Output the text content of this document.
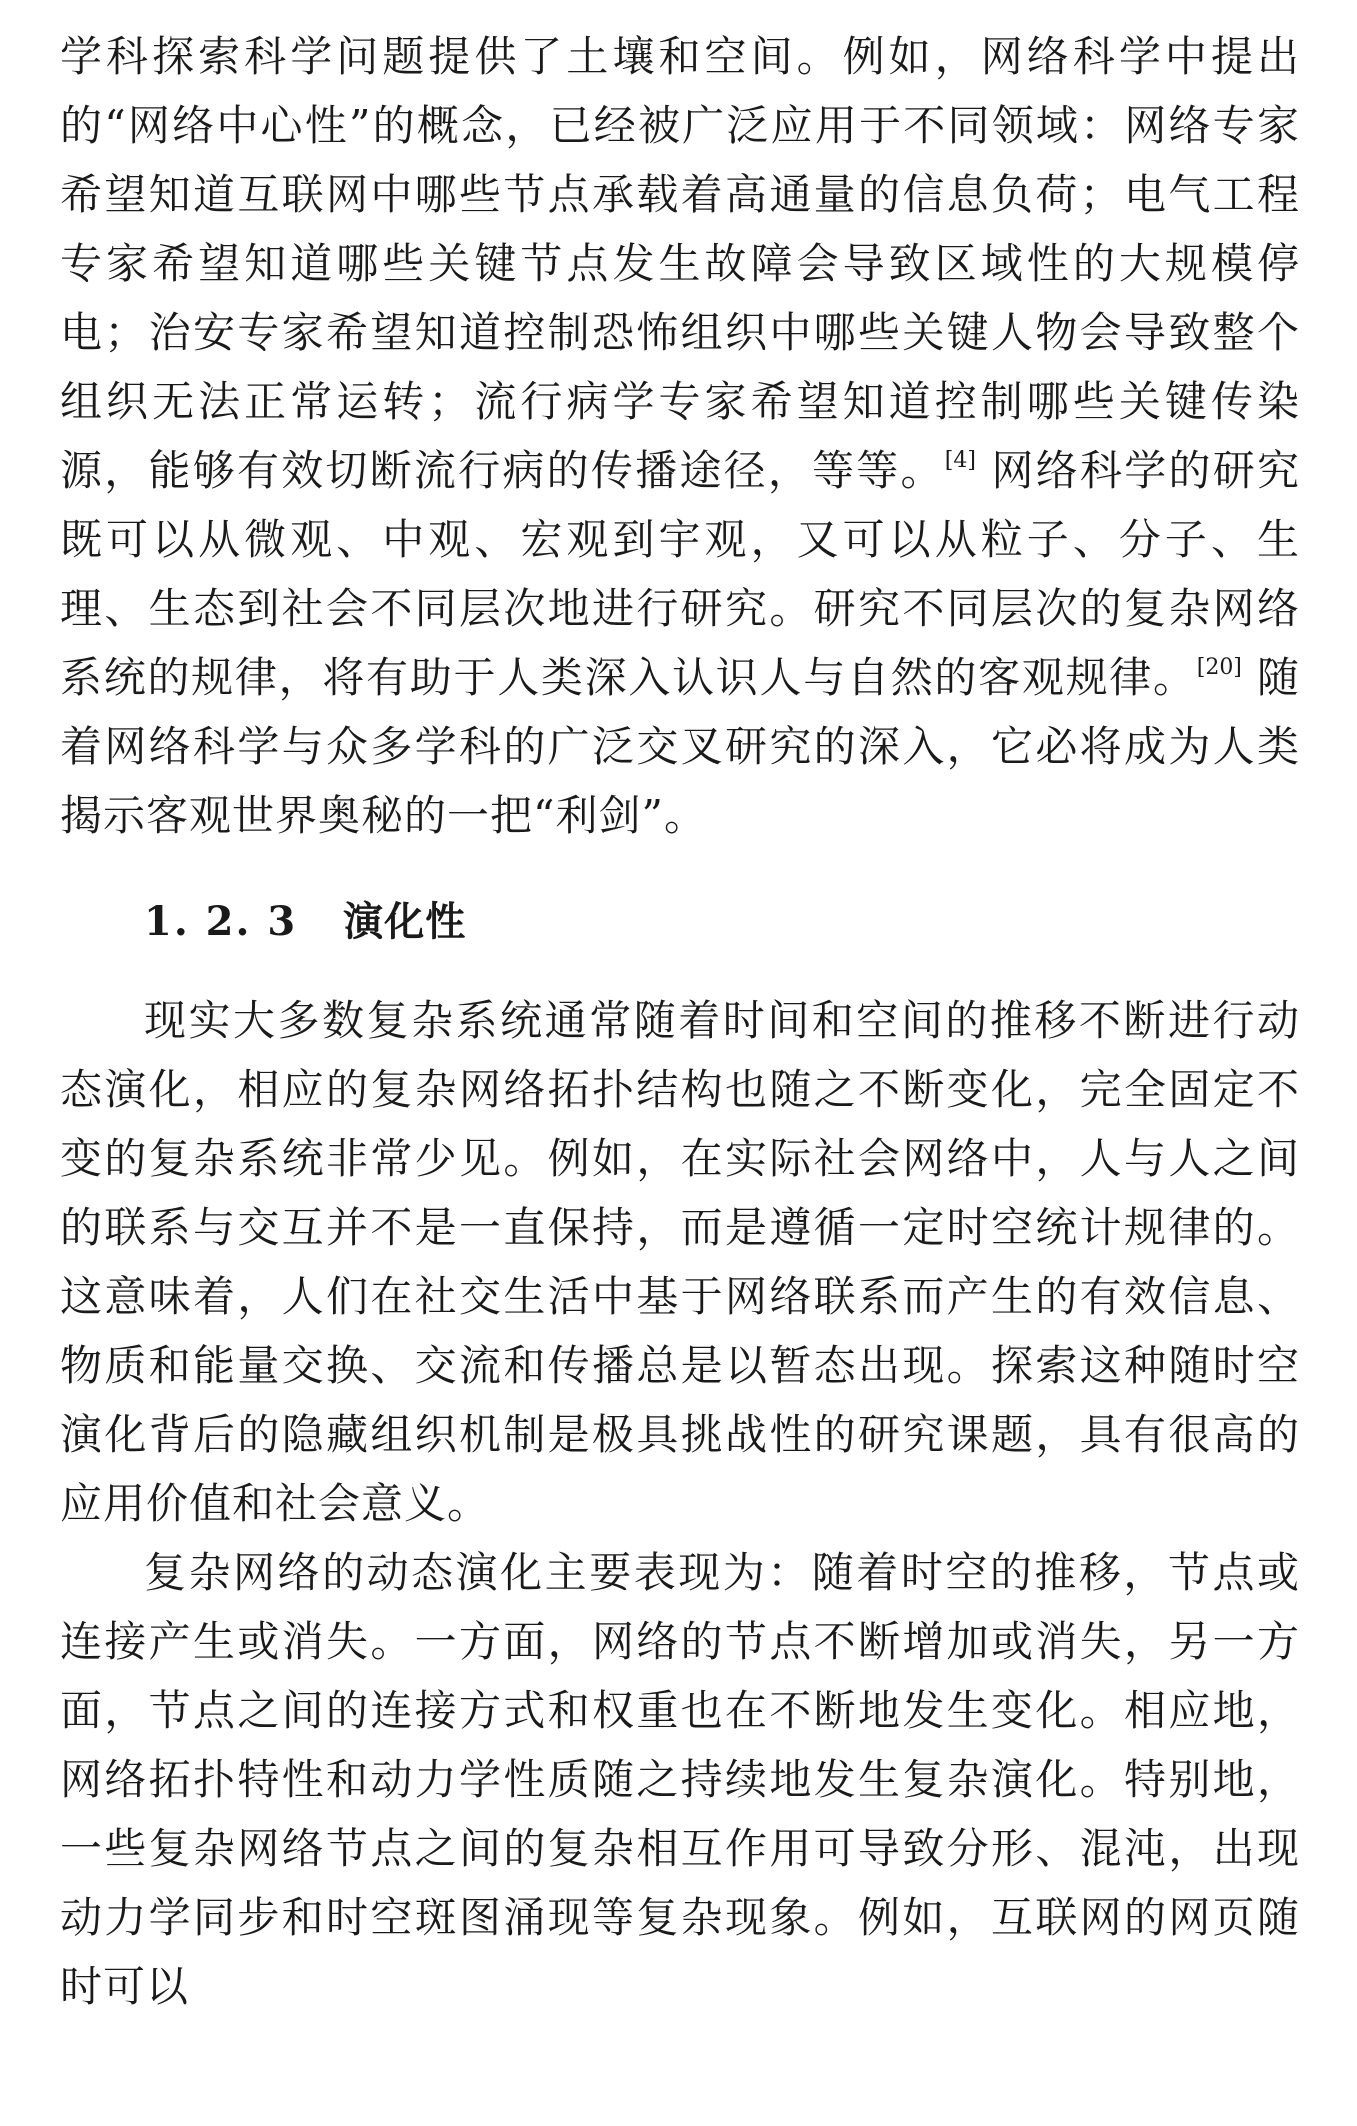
学科探索科学问题提供了土壤和空间。例如，网络科学中提出的“网络中心性”的概念，已经被广泛应用于不同领域：网络专家希望知道互联网中哪些节点承载着高通量的信息负荷；电气工程专家希望知道哪些关键节点发生故障会导致区域性的大规模停电；治安专家希望知道控制恐怖组织中哪些关键人物会导致整个组织无法正常运转；流行病学专家希望知道控制哪些关键传染源，能够有效切断流行病的传播途径，等等。[4] 网络科学的研究既可以从微观、中观、宏观到宇观，又可以从粒子、分子、生理、生态到社会不同层次地进行研究。研究不同层次的复杂网络系统的规律，将有助于人类深入认识人与自然的客观规律。[20] 随着网络科学与众多学科的广泛交叉研究的深入，它必将成为人类揭示客观世界奥秘的一把“利剑”。

1. 2. 3 演化性

现实大多数复杂系统通常随着时间和空间的推移不断进行动态演化，相应的复杂网络拓扑结构也随之不断变化，完全固定不变的复杂系统非常少见。例如，在实际社会网络中，人与人之间的联系与交互并不是一直保持，而是遵循一定时空统计规律的。这意味着，人们在社交生活中基于网络联系而产生的有效信息、物质和能量交换、交流和传播总是以暂态出现。探索这种随时空演化背后的隐藏组织机制是极具挑战性的研究课题，具有很高的应用价值和社会意义。

复杂网络的动态演化主要表现为：随着时空的推移，节点或连接产生或消失。一方面，网络的节点不断增加或消失，另一方面，节点之间的连接方式和权重也在不断地发生变化。相应地，网络拓扑特性和动力学性质随之持续地发生复杂演化。特别地，一些复杂网络节点之间的复杂相互作用可导致分形、混沌，出现动力学同步和时空斑图涌现等复杂现象。例如，互联网的网页随时可以
